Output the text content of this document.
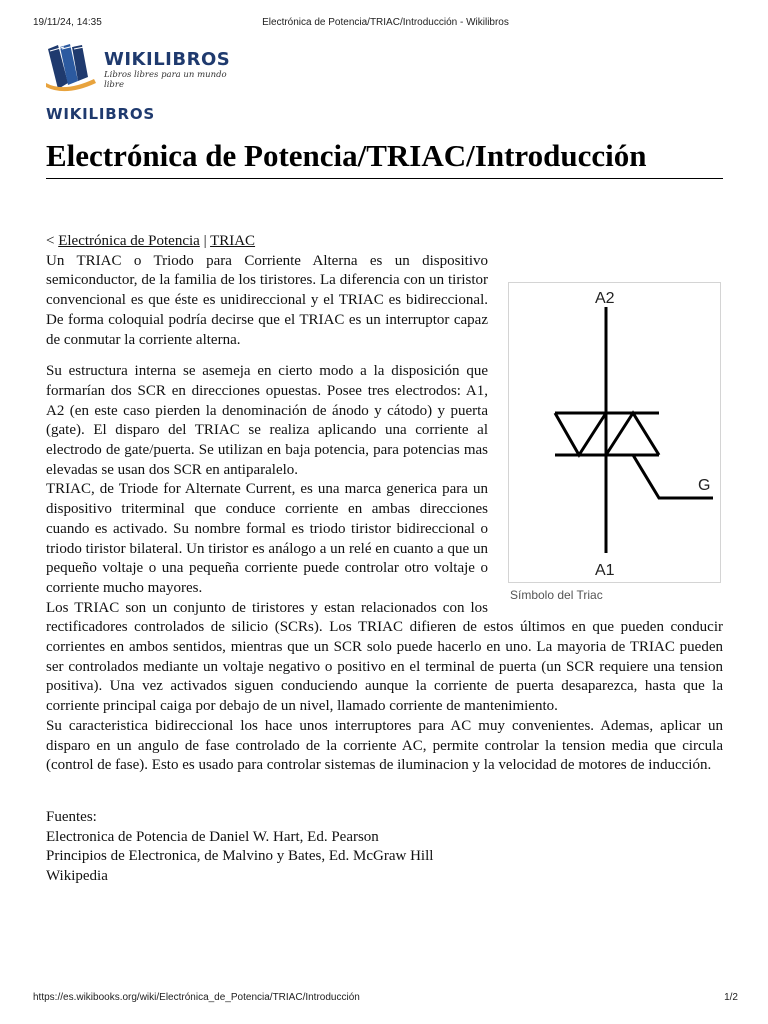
19/11/24, 14:35	Electrónica de Potencia/TRIAC/Introducción - Wikilibros
WIKILIBROS
Libros libres para un mundo libre
WIKILIBROS
Electrónica de Potencia/TRIAC/Introducción
< Electrónica de Potencia | TRIAC
A2
G
A1
Símbolo del Triac

Un TRIAC o Triodo para Corriente Alterna es un dispositivo semiconductor, de la familia de los tiristores. La diferencia con un tiristor convencional es que éste es unidireccional y el TRIAC es bidireccional. De forma coloquial podría decirse que el TRIAC es un interruptor capaz de conmutar la corriente alterna.

Su estructura interna se asemeja en cierto modo a la disposición que formarían dos SCR en direcciones opuestas. Posee tres electrodos: A1, A2 (en este caso pierden la denominación de ánodo y cátodo) y puerta (gate). El disparo del TRIAC se realiza aplicando una corriente al electrodo de gate/puerta. Se utilizan en baja potencia, para potencias mas elevadas se usan dos SCR en antiparalelo.

TRIAC, de Triode for Alternate Current, es una marca generica para un dispositivo triterminal que conduce corriente en ambas direcciones cuando es activado. Su nombre formal es triodo tiristor bidireccional o triodo tiristor bilateral. Un tiristor es análogo a un relé en cuanto a que un pequeño voltaje o una pequeña corriente puede controlar otro voltaje o corriente mucho mayores.

Los TRIAC son un conjunto de tiristores y estan relacionados con los rectificadores controlados de silicio (SCRs). Los TRIAC difieren de estos últimos en que pueden conducir corrientes en ambos sentidos, mientras que un SCR solo puede hacerlo en uno. La mayoria de TRIAC pueden ser controlados mediante un voltaje negativo o positivo en el terminal de puerta (un SCR requiere una tension positiva). Una vez activados siguen conduciendo aunque la corriente de puerta desaparezca, hasta que la corriente principal caiga por debajo de un nivel, llamado corriente de mantenimiento.

Su caracteristica bidireccional los hace unos interruptores para AC muy convenientes. Ademas, aplicar un disparo en un angulo de fase controlado de la corriente AC, permite controlar la tension media que circula (control de fase). Esto es usado para controlar sistemas de iluminacion y la velocidad de motores de inducción.

Fuentes:
Electronica de Potencia de Daniel W. Hart, Ed. Pearson
Principios de Electronica, de Malvino y Bates, Ed. McGraw Hill
Wikipedia
https://es.wikibooks.org/wiki/Electrónica_de_Potencia/TRIAC/Introducción	1/2
